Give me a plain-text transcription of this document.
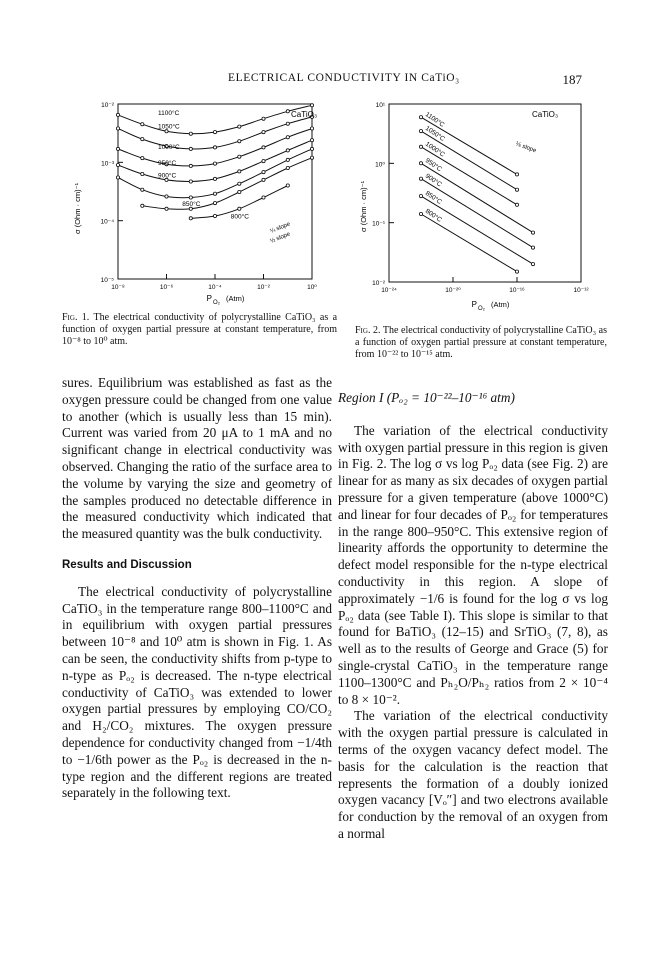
ELECTRICAL CONDUCTIVITY IN CaTiO₃	187
10⁻⁸	10⁻⁶	10⁻⁴	10⁻²	10⁰
10⁻⁵
10⁻⁴
10⁻³
10⁻²
1100°C
1050°C
1000°C
950°C
900°C
850°C
800°C
CaTiO₃
¼ slope
½ slope
σ (Ohm · cm)⁻¹
P O₂ (Atm)
Fig. 1. The electrical conductivity of polycrystalline CaTiO₃ as a function of oxygen partial pressure at constant temperature, from 10⁻⁸ to 10⁰ atm.
10⁻²⁴	10⁻²⁰	10⁻¹⁶	10⁻¹²
10⁻²
10⁻¹
10⁰
10¹
1100°C
1050°C
1000°C
950°C
900°C
850°C
800°C
CaTiO₃
⅙ slope
σ (Ohm · cm)⁻¹
P O₂ (Atm)
Fig. 2. The electrical conductivity of polycrystalline CaTiO₃ as a function of oxygen partial pressure at constant temperature, from 10⁻²² to 10⁻¹⁵ atm.

sures. Equilibrium was established as fast as the oxygen pressure could be changed from one value to another (which is usually less than 15 min). Current was varied from 20 μA to 1 mA and no significant change in electrical conductivity was observed. Changing the ratio of the surface area to the volume by varying the size and geometry of the samples produced no detectable difference in the measured conductivity which indicated that the measured quantity was the bulk conductivity.

Results and Discussion

The electrical conductivity of polycrystalline CaTiO₃ in the temperature range 800–1100°C and in equilibrium with oxygen partial pressures between 10⁻⁸ and 10⁰ atm is shown in Fig. 1. As can be seen, the conductivity shifts from p-type to n-type as Pₒ₂ is decreased. The n-type electrical conductivity of CaTiO₃ was extended to lower oxygen partial pressures by employing CO/CO₂ and H₂/CO₂ mixtures. The oxygen pressure dependence for conductivity changed from −1/4th to −1/6th power as the Pₒ₂ is decreased in the n-type region and the different regions are treated separately in the following text.

Region I (Pₒ₂ = 10⁻²²–10⁻¹⁶ atm)

The variation of the electrical conductivity with oxygen partial pressure in this region is given in Fig. 2. The log σ vs log Pₒ₂ data (see Fig. 2) are linear for as many as six decades of oxygen partial pressure for a given temperature (above 1000°C) and linear for four decades of Pₒ₂ for temperatures in the range 800–950°C. This extensive region of linearity affords the opportunity to determine the defect model responsible for the n-type electrical conductivity in this region. A slope of approximately −1/6 is found for the log σ vs log Pₒ₂ data (see Table I). This slope is similar to that found for BaTiO₃ (12–15) and SrTiO₃ (7, 8), as well as to the results of George and Grace (5) for single-crystal CaTiO₃ in the temperature range 1100–1300°C and Pₕ₂O/Pₕ₂ ratios from 2 × 10⁻⁴ to 8 × 10⁻².

The variation of the electrical conductivity with the oxygen partial pressure is calculated in terms of the oxygen vacancy defect model. The basis for the calculation is the reaction that represents the formation of a doubly ionized oxygen vacancy [Vₒ″] and two electrons available for conduction by the removal of an oxygen from a normal
